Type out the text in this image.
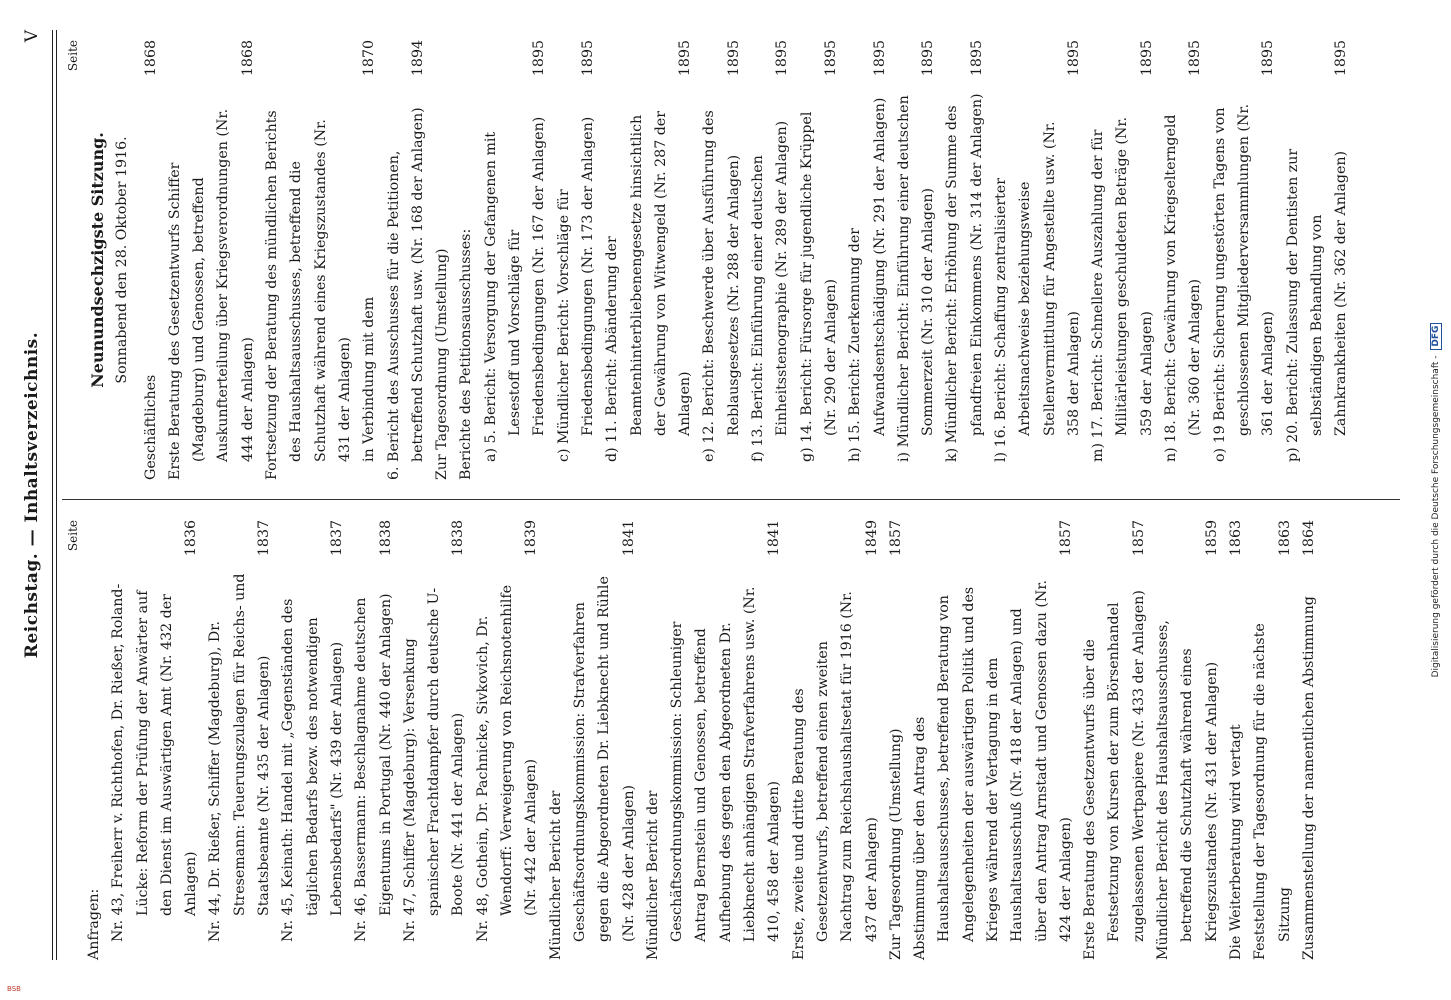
Reichstag. — Inhaltsverzeichnis.
V
Seite

Anfragen: Nr. 43, Freiherr v. Richthofen, Dr. Rießer, Roland-Lücke: Reform der Prüfung der Anwärter auf den Dienst im Auswärtigen Amt (Nr. 432 der Anlagen)
1836

Nr. 44, Dr. Rießer, Schiffer (Magdeburg), Dr. Stresemann: Teuerungszulagen für Reichs- und Staatsbeamte (Nr. 435 der Anlagen)
1837

Nr. 45, Keinath: Handel mit „Gegenständen des täglichen Bedarfs bezw. des notwendigen Lebensbedarfs" (Nr. 439 der Anlagen)
1837

Nr. 46, Bassermann: Beschlagnahme deutschen Eigentums in Portugal (Nr. 440 der Anlagen)
1838

Nr. 47, Schiffer (Magdeburg): Versenkung spanischer Frachtdampfer durch deutsche U-Boote (Nr. 441 der Anlagen)
1838

Nr. 48, Gothein, Dr. Pachnicke, Sivkovich, Dr. Wendorff: Verweigerung von Reichsnotenhilfe (Nr. 442 der Anlagen)
1839

Mündlicher Bericht der Geschäftsordnungskommission: Strafverfahren gegen die Abgeordneten Dr. Liebknecht und Rühle (Nr. 428 der Anlagen)
1841

Mündlicher Bericht der Geschäftsordnungskommission: Schleuniger Antrag Bernstein und Genossen, betreffend Aufhebung des gegen den Abgeordneten Dr. Liebknecht anhängigen Strafverfahrens usw. (Nr. 410, 458 der Anlagen)
1841

Erste, zweite und dritte Beratung des Gesetzentwurfs, betreffend einen zweiten Nachtrag zum Reichshaushaltsetat für 1916 (Nr. 437 der Anlagen)
1849

Zur Tagesordnung (Umstellung)
1857

Abstimmung über den Antrag des Haushaltsausschusses, betreffend Beratung von Angelegenheiten der auswärtigen Politik und des Krieges während der Vertagung in dem Haushaltsausschuß (Nr. 418 der Anlagen) und über den Antrag Arnstadt und Genossen dazu (Nr. 424 der Anlagen)
1857

Erste Beratung des Gesetzentwurfs über die Festsetzung von Kursen der zum Börsenhandel zugelassenen Wertpapiere (Nr. 433 der Anlagen)
1857

Mündlicher Bericht des Haushaltsausschusses, betreffend die Schutzhaft während eines Kriegszustandes (Nr. 431 der Anlagen)
1859

Die Weiterberatung wird vertagt
1863

Feststellung der Tagesordnung für die nächste Sitzung
1863

Zusammenstellung der namentlichen Abstimmung
1864

Seite

Neunundsechzigste Sitzung. Sonnabend den 28. Oktober 1916.

Geschäftliches
1868

Erste Beratung des Gesetzentwurfs Schiffer (Magdeburg) und Genossen, betreffend Auskunfterteilung über Kriegsverordnungen (Nr. 444 der Anlagen)
1868

Fortsetzung der Beratung des mündlichen Berichts des Haushaltsausschusses, betreffend die Schutzhaft während eines Kriegszustandes (Nr. 431 der Anlagen) in Verbindung mit dem
1870

6. Bericht des Ausschusses für die Petitionen, betreffend Schutzhaft usw. (Nr. 168 der Anlagen)
1894

Zur Tagesordnung (Umstellung) Berichte des Petitionsausschusses: a) 5. Bericht: Versorgung der Gefangenen mit Lesestoff und Vorschläge für Friedensbedingungen (Nr. 167 der Anlagen)
1895

c) Mündlicher Bericht: Vorschläge für Friedensbedingungen (Nr. 173 der Anlagen)
1895

d) 11. Bericht: Abänderung der Beamtenhinterbliebenengesetze hinsichtlich der Gewährung von Witwengeld (Nr. 287 der Anlagen)
1895

e) 12. Bericht: Beschwerde über Ausführung des Reblausgesetzes (Nr. 288 der Anlagen)
1895

f) 13. Bericht: Einführung einer deutschen Einheitsstenographie (Nr. 289 der Anlagen)
1895

g) 14. Bericht: Fürsorge für jugendliche Krüppel (Nr. 290 der Anlagen)
1895

h) 15. Bericht: Zuerkennung der Aufwandsentschädigung (Nr. 291 der Anlagen)
1895

i) Mündlicher Bericht: Einführung einer deutschen Sommerzeit (Nr. 310 der Anlagen)
1895

k) Mündlicher Bericht: Erhöhung der Summe des pfandfreien Einkommens (Nr. 314 der Anlagen)
1895

l) 16. Bericht: Schaffung zentralisierter Arbeitsnachweise beziehungsweise Stellenvermittlung für Angestellte usw. (Nr. 358 der Anlagen)
1895

m) 17. Bericht: Schnellere Auszahlung der für Militärleistungen geschuldeten Beträge (Nr. 359 der Anlagen)
1895

n) 18. Bericht: Gewährung von Kriegselterngeld (Nr. 360 der Anlagen)
1895

o) 19 Bericht: Sicherung ungestörten Tagens von geschlossenen Mitgliederversammlungen (Nr. 361 der Anlagen)
1895

p) 20. Bericht: Zulassung der Dentisten zur selbständigen Behandlung von Zahnkrankheiten (Nr. 362 der Anlagen)
1895

Digitalisierung gefördert durch die Deutsche Forschungsgemeinschaft - DFG
BSB
